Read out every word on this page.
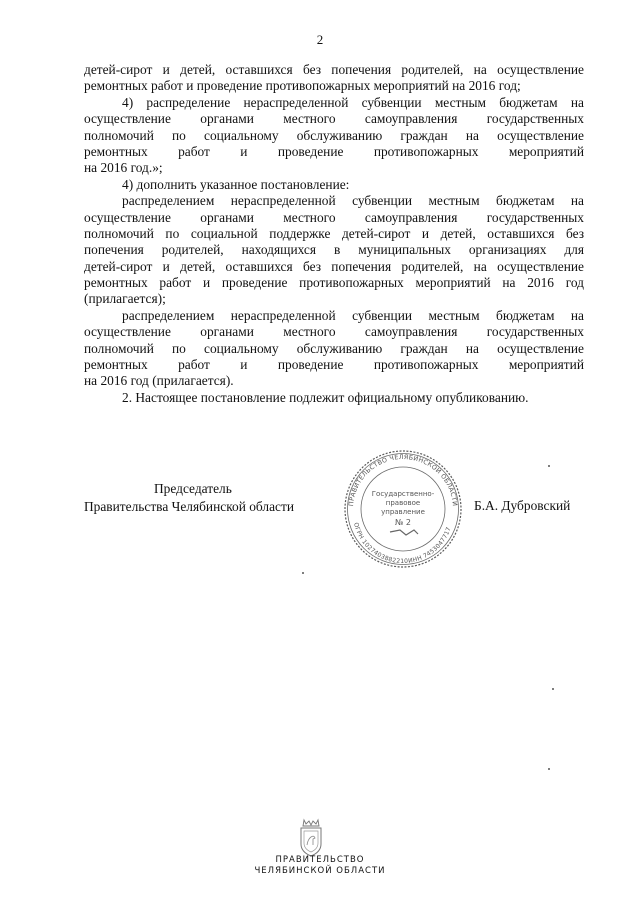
2
детей-сирот и детей, оставшихся без попечения родителей, на осуществление
ремонтных работ и проведение противопожарных мероприятий на 2016 год;
4) распределение нераспределенной субвенции местным бюджетам на
осуществление органами местного самоуправления государственных
полномочий по социальному обслуживанию граждан на осуществление
ремонтных работ и проведение противопожарных мероприятий
на 2016 год.»;
4) дополнить указанное постановление:
распределением нераспределенной субвенции местным бюджетам на
осуществление органами местного самоуправления государственных
полномочий по социальной поддержке детей-сирот и детей, оставшихся без
попечения родителей, находящихся в муниципальных организациях для
детей-сирот и детей, оставшихся без попечения родителей, на осуществление
ремонтных работ и проведение противопожарных мероприятий на 2016 год
(прилагается);
распределением нераспределенной субвенции местным бюджетам на
осуществление органами местного самоуправления государственных
полномочий по социальному обслуживанию граждан на осуществление
ремонтных работ и проведение противопожарных мероприятий
на 2016 год (прилагается).
2. Настоящее постановление подлежит официальному опубликованию.
Председатель
Правительства Челябинской области	Б.А. Дубровский
ПРАВИТЕЛЬСТВО ЧЕЛЯБИНСКОЙ ОБЛАСТИ
ОГРН 1027403882210 ИНН 7453047717
Государственно-
правовое
управление
№ 2
ПРАВИТЕЛЬСТВО
ЧЕЛЯБИНСКОЙ ОБЛАСТИ
